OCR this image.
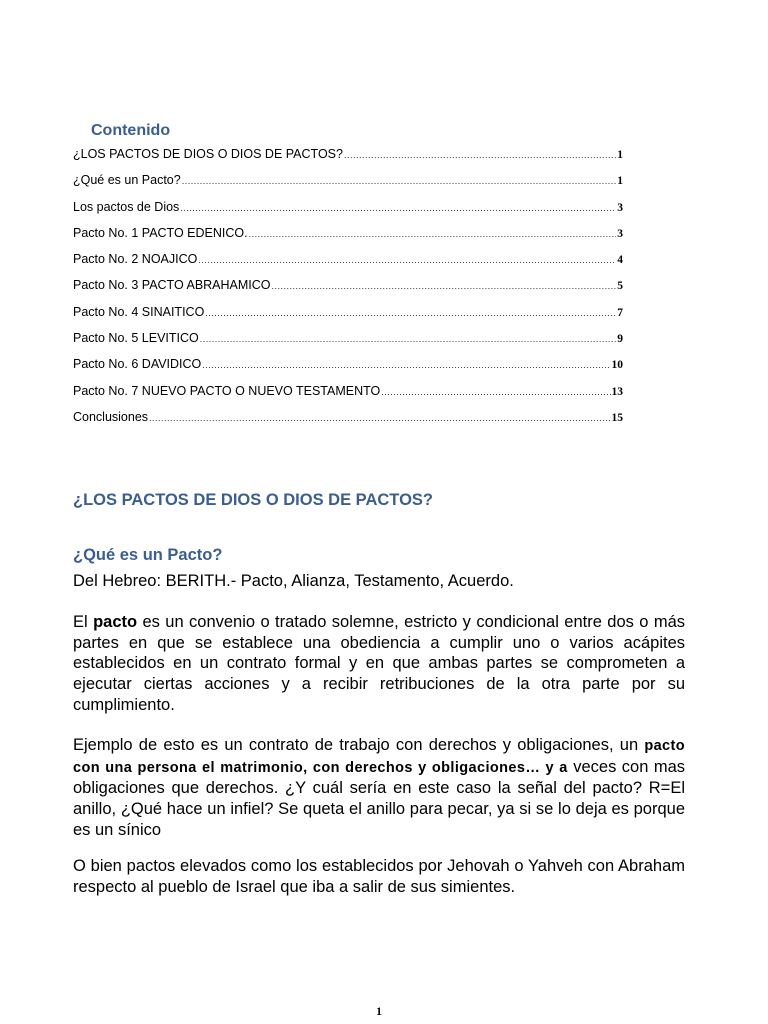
Contenido
¿LOS PACTOS DE DIOS O DIOS DE PACTOS? .....	1
¿Qué es un Pacto? .....	1
Los pactos de Dios .....	3
Pacto No. 1 PACTO EDENICO. .....	3
Pacto No. 2 NOAJICO .....	4
Pacto No. 3 PACTO ABRAHAMICO .....	5
Pacto No. 4 SINAITICO .....	7
Pacto No. 5 LEVITICO .....	9
Pacto No. 6 DAVIDICO .....	10
Pacto No. 7 NUEVO PACTO O NUEVO TESTAMENTO .....	13
Conclusiones .....	15
¿LOS PACTOS DE DIOS O DIOS DE PACTOS?
¿Qué es un Pacto?

Del Hebreo: BERITH.- Pacto, Alianza, Testamento, Acuerdo.

El pacto es un convenio o tratado solemne, estricto y condicional entre dos o más partes en que se establece una obediencia a cumplir uno o varios acápites establecidos en un contrato formal y en que ambas partes se comprometen a ejecutar ciertas acciones y a recibir retribuciones de la otra parte por su cumplimiento.

Ejemplo de esto es un contrato de trabajo con derechos y obligaciones, un pacto con una persona el matrimonio, con derechos y obligaciones… y a veces con mas obligaciones que derechos. ¿Y cuál sería en este caso la señal del pacto? R=El anillo, ¿Qué hace un infiel? Se queta el anillo para pecar, ya si se lo deja es porque es un sínico

O bien pactos elevados como los establecidos por Jehovah o Yahveh con Abraham respecto al pueblo de Israel que iba a salir de sus simientes.

1
